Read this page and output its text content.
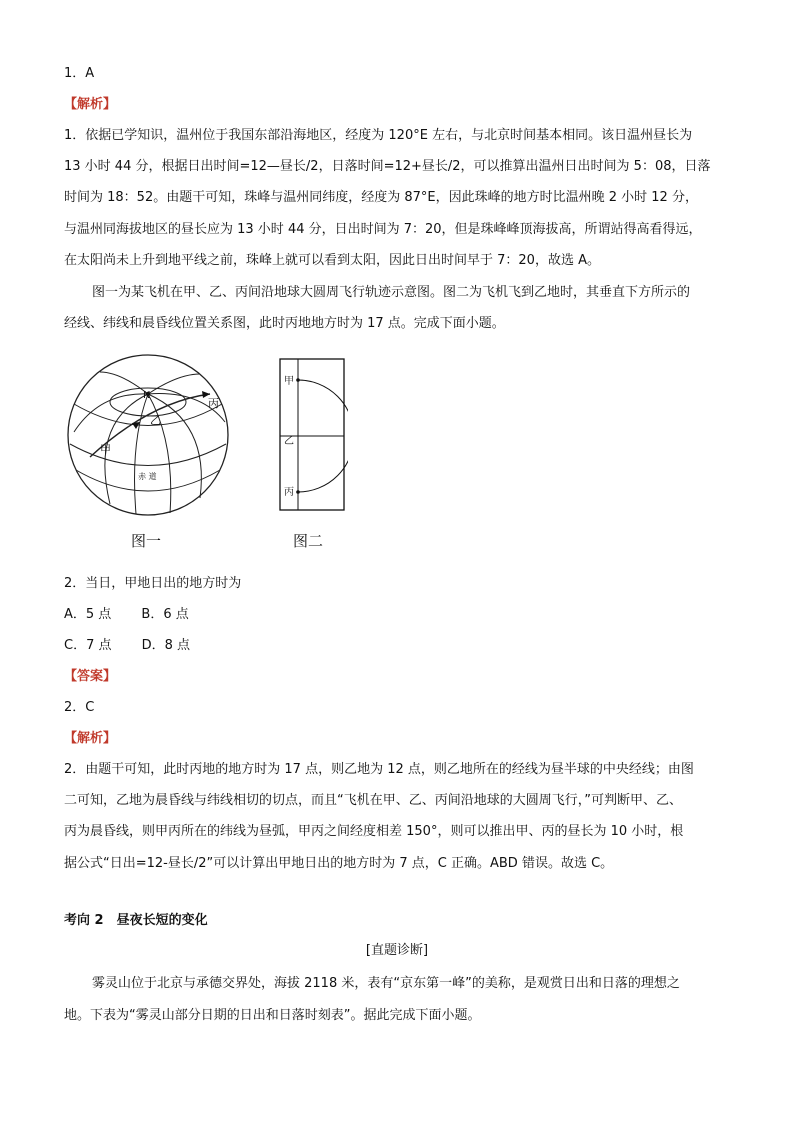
1．A
【解析】
1．依据已学知识，温州位于我国东部沿海地区，经度为 120°E 左右，与北京时间基本相同。该日温州昼长为
13 小时 44 分，根据日出时间=12—昼长/2，日落时间=12+昼长/2，可以推算出温州日出时间为 5：08，日落
时间为 18：52。由题干可知，珠峰与温州同纬度，经度为 87°E，因此珠峰的地方时比温州晚 2 小时 12 分，
与温州同海拔地区的昼长应为 13 小时 44 分，日出时间为 7：20，但是珠峰峰顶海拔高，所谓站得高看得远，
在太阳尚未上升到地平线之前，珠峰上就可以看到太阳，因此日出时间早于 7：20，故选 A。
图一为某飞机在甲、乙、丙间沿地球大圆周飞行轨迹示意图。图二为飞机飞到乙地时，其垂直下方所示的
经线、纬线和晨昏线位置关系图，此时丙地地方时为 17 点。完成下面小题。
N
乙
丙
甲
赤 道
甲
乙
丙
图一	图二
2．当日，甲地日出的地方时为
A．5 点　　 B．6 点
C．7 点　　 D．8 点
【答案】
2．C
【解析】
2．由题干可知，此时丙地的地方时为 17 点，则乙地为 12 点，则乙地所在的经线为昼半球的中央经线；由图
二可知，乙地为晨昏线与纬线相切的切点，而且“飞机在甲、乙、丙间沿地球的大圆周飞行，”可判断甲、乙、
丙为晨昏线，则甲丙所在的纬线为昼弧，甲丙之间经度相差 150°，则可以推出甲、丙的昼长为 10 小时，根
据公式“日出=12-昼长/2”可以计算出甲地日出的地方时为 7 点，C 正确。ABD 错误。故选 C。
考向 2　昼夜长短的变化
[直题诊断]
雾灵山位于北京与承德交界处，海拔 2118 米，表有“京东第一峰”的美称，是观赏日出和日落的理想之
地。下表为“雾灵山部分日期的日出和日落时刻表”。据此完成下面小题。
